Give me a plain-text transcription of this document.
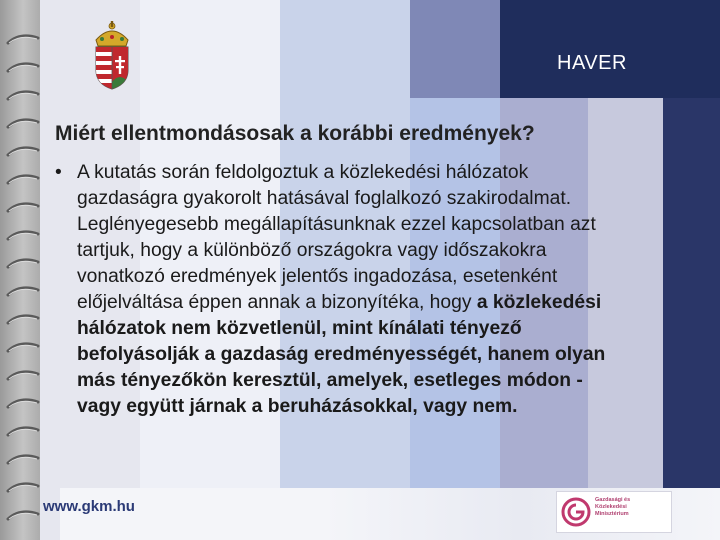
HAVER
Miért ellentmondásosak a korábbi eredmények?
• A kutatás során feldolgoztuk a közlekedési hálózatok gazdaságra gyakorolt hatásával foglalkozó szakirodalmat. Leglényegesebb megállapításunknak ezzel kapcsolatban azt tartjuk, hogy a különböző országokra vagy időszakokra vonatkozó eredmények jelentős ingadozása, esetenként előjelváltása éppen annak a bizonyítéka, hogy a közlekedési hálózatok nem közvetlenül, mint kínálati tényező befolyásolják a gazdaság eredményességét, hanem olyan más tényezőkön keresztül, amelyek, esetleges módon - vagy együtt járnak a beruházásokkal, vagy nem.

www.gkm.hu	Gazdasági és
Közlekedési
Minisztérium
